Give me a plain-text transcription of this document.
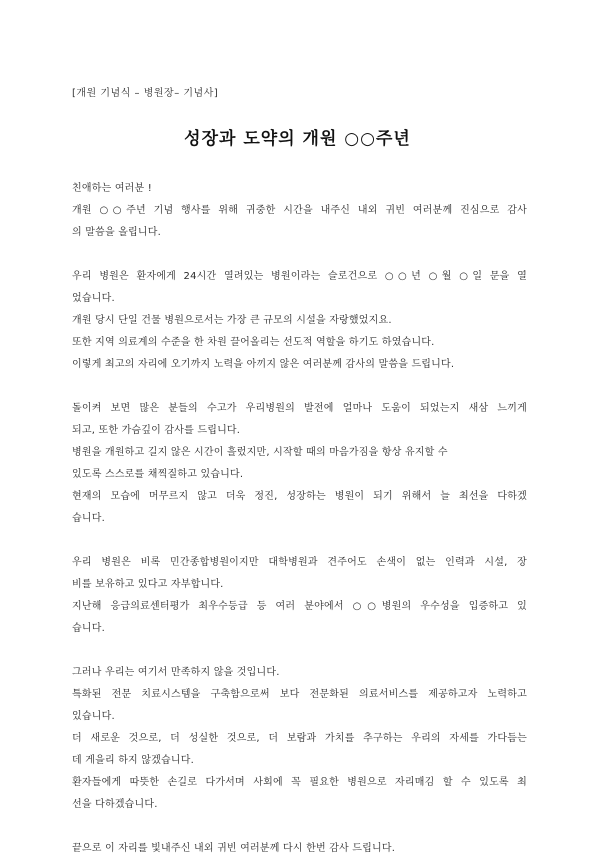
[개원 기념식 – 병원장– 기념사]
성장과 도약의 개원 ○○주년
친애하는 여러분 !
개원 ○○주년 기념 행사를 위해 귀중한 시간을 내주신 내외 귀빈 여러분께 진심으로 감사
의 말씀을 올립니다.
우리 병원은 환자에게 24시간 열려있는 병원이라는 슬로건으로 ○○년 ○월 ○일 문을 열
었습니다.
개원 당시 단일 건물 병원으로서는 가장 큰 규모의 시설을 자랑했었지요.
또한 지역 의료계의 수준을 한 차원 끌어올리는 선도적 역할을 하기도 하였습니다.
이렇게 최고의 자리에 오기까지 노력을 아끼지 않은 여러분께 감사의 말씀을 드립니다.
돌이켜 보면 많은 분들의 수고가 우리병원의 발전에 얼마나 도움이 되었는지 새삼 느끼게
되고, 또한 가슴깊이 감사를 드립니다.
병원을 개원하고 길지 않은 시간이 흘렀지만, 시작할 때의 마음가짐을 항상 유지할 수
있도록 스스로를 채찍질하고 있습니다.
현재의 모습에 머무르지 않고 더욱 정진, 성장하는 병원이 되기 위해서 늘 최선을 다하겠
습니다.
우리 병원은 비록 민간종합병원이지만 대학병원과 견주어도 손색이 없는 인력과 시설, 장
비를 보유하고 있다고 자부합니다.
지난해 응급의료센터평가 최우수등급 등 여러 분야에서 ○○병원의 우수성을 입증하고 있
습니다.
그러나 우리는 여기서 만족하지 않을 것입니다.
특화된 전문 치료시스템을 구축함으로써 보다 전문화된 의료서비스를 제공하고자 노력하고
있습니다.
더 새로운 것으로, 더 성실한 것으로, 더 보람과 가치를 추구하는 우리의 자세를 가다듬는
데 게을리 하지 않겠습니다.
환자들에게 따뜻한 손길로 다가서며 사회에 꼭 필요한 병원으로 자리매김 할 수 있도록 최
선을 다하겠습니다.
끝으로 이 자리를 빛내주신 내외 귀빈 여러분께 다시 한번 감사 드립니다.
